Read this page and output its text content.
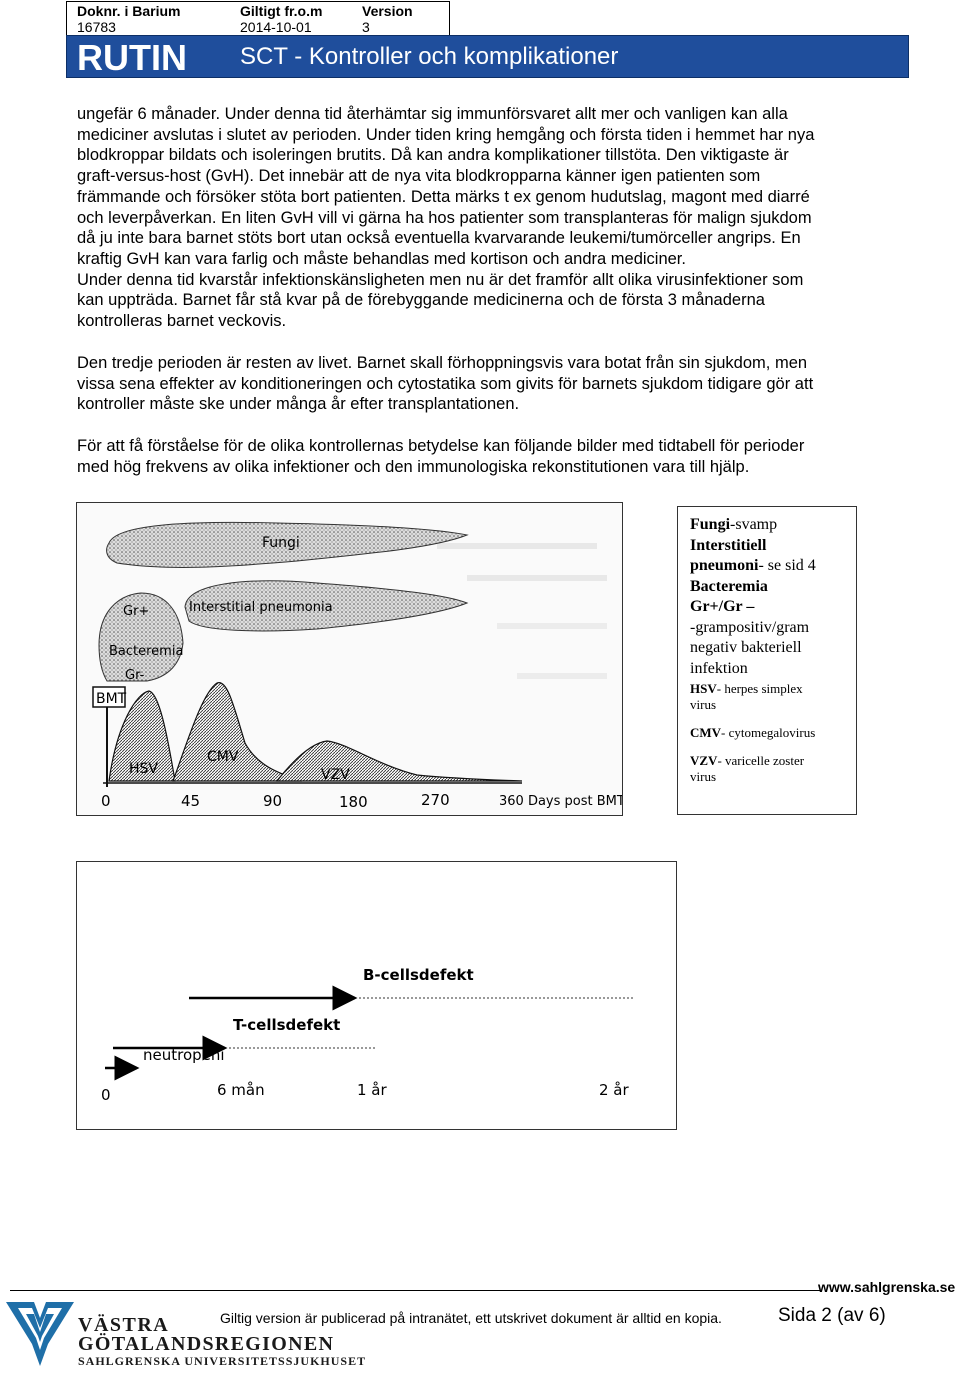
Doknr. i Barium
16783
Giltigt fr.o.m
2014-10-01
Version
3
RUTIN SCT - Kontroller och komplikationer
ungefär 6 månader. Under denna tid återhämtar sig immunförsvaret allt mer och vanligen kan alla
mediciner avslutas i slutet av perioden. Under tiden kring hemgång och första tiden i hemmet har nya
blodkroppar bildats och isoleringen brutits. Då kan andra komplikationer tillstöta. Den viktigaste är
graft-versus-host (GvH). Det innebär att de nya vita blodkropparna känner igen patienten som
främmande och försöker stöta bort patienten. Detta märks t ex genom hudutslag, magont med diarré
och leverpåverkan. En liten GvH vill vi gärna ha hos patienter som transplanteras för malign sjukdom
då ju inte bara barnet stöts bort utan också eventuella kvarvarande leukemi/tumörceller angrips. En
kraftig GvH kan vara farlig och måste behandlas med kortison och andra mediciner.
Under denna tid kvarstår infektionskänsligheten men nu är det framför allt olika virusinfektioner som
kan uppträda. Barnet får stå kvar på de förebyggande medicinerna och de första 3 månaderna
kontrolleras barnet veckovis.
Den tredje perioden är resten av livet. Barnet skall förhoppningsvis vara botat från sin sjukdom, men
vissa sena effekter av konditioneringen och cytostatika som givits för barnets sjukdom tidigare gör att
kontroller måste ske under många år efter transplantationen.
För att få förståelse för de olika kontrollernas betydelse kan följande bilder med tidtabell för perioder
med hög frekvens av olika infektioner och den immunologiska rekonstitutionen vara till hjälp.
Fungi
Interstitial pneumonia
Gr+
Bacteremia
Gr-
BMT
HSV
CMV
VZV
0	45	90	180	270	360 Days post BMT
Fungi-svamp
Interstitiell
pneumoni- se sid 4
Bacteremia
Gr+/Gr –
-grampositiv/gram
negativ bakteriell
infektion
HSV- herpes simplex
virus
CMV- cytomegalovirus
VZV- varicelle zoster
virus
B-cellsdefekt
T-cellsdefekt
neutropeni
0	6 mån	1 år	2 år
www.sahlgrenska.se
VÄSTRA
GÖTALANDSREGIONEN
SAHLGRENSKA UNIVERSITETSSJUKHUSET
Giltig version är publicerad på intranätet, ett utskrivet dokument är alltid en kopia.	Sida 2 (av 6)
